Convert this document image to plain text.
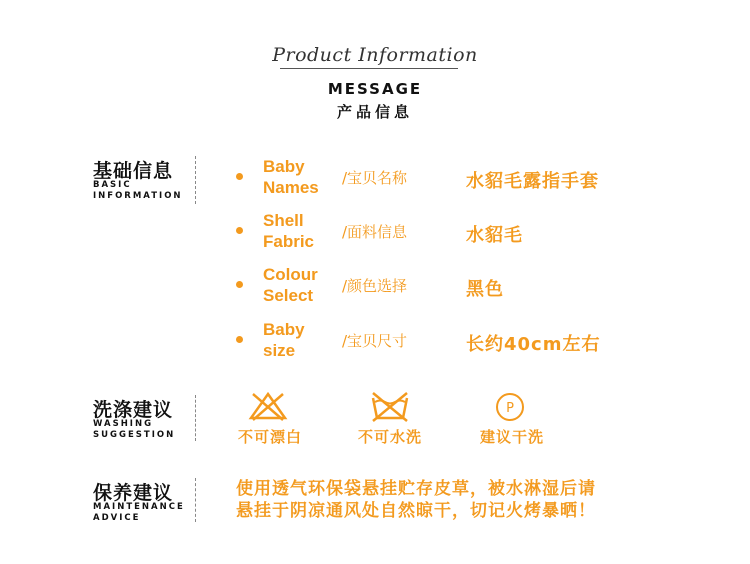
Product Information
MESSAGE
产品信息
基础信息
BASIC
INFORMATION
Baby
Names /宝贝名称	水貂毛露指手套
Shell
Fabric /面料信息	水貂毛
Colour
Select /颜色选择	黑色
Baby
size	/宝贝尺寸	长约40cm左右
洗涤建议
WASHING
SUGGESTION	不可漂白	不可水洗
P
建议干洗
保养建议
MAINTENANCE
ADVICE
使用透气环保袋悬挂贮存皮草，被水淋湿后请
悬挂于阴凉通风处自然晾干，切记火烤暴晒！
